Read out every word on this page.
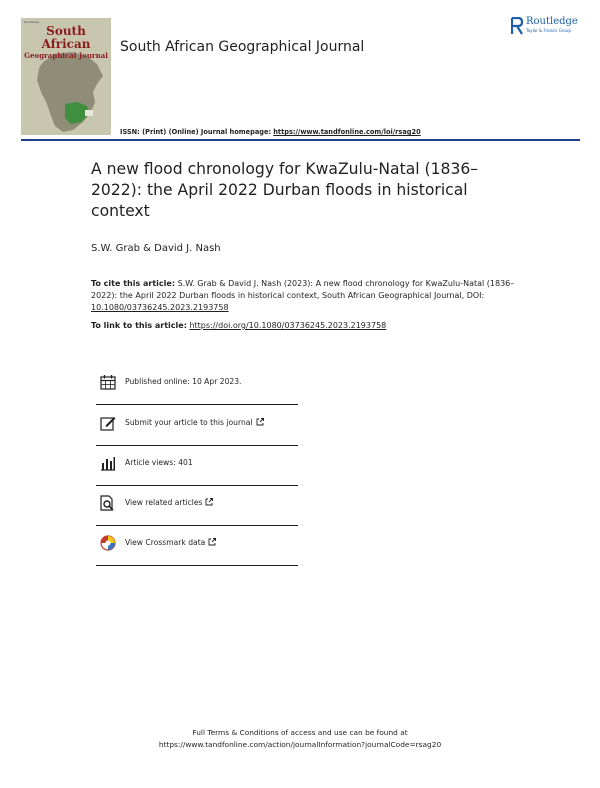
Routledge
South African
Geographical Journal
South African Geographical Journal
Routledge
Taylor & Francis Group
ISSN: (Print) (Online) Journal homepage: https://www.tandfonline.com/loi/rsag20
A new flood chronology for KwaZulu-Natal (1836–2022): the April 2022 Durban floods in historical context
S.W. Grab & David J. Nash
To cite this article: S.W. Grab & David J. Nash (2023): A new flood chronology for KwaZulu-Natal (1836–2022): the April 2022 Durban floods in historical context, South African Geographical Journal, DOI: 10.1080/03736245.2023.2193758
To link to this article: https://doi.org/10.1080/03736245.2023.2193758
Published online: 10 Apr 2023.
Submit your article to this journal
Article views: 401
View related articles
View Crossmark data
Full Terms & Conditions of access and use can be found at
https://www.tandfonline.com/action/journalInformation?journalCode=rsag20
